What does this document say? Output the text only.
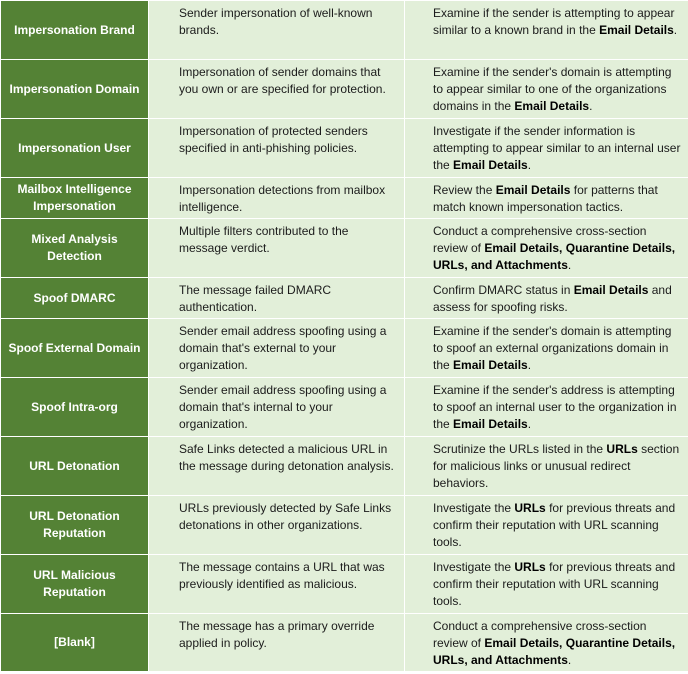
Impersonation Brand	Sender impersonation of well-known brands.	Examine if the sender is attempting to appear similar to a known brand in the Email Details.
Impersonation Domain	Impersonation of sender domains that you own or are specified for protection.	Examine if the sender's domain is attempting to appear similar to one of the organizations domains in the Email Details.
Impersonation User	Impersonation of protected senders specified in anti-phishing policies.	Investigate if the sender information is attempting to appear similar to an internal user the Email Details.
Mailbox Intelligence Impersonation	Impersonation detections from mailbox intelligence.	Review the Email Details for patterns that match known impersonation tactics.
Mixed Analysis Detection	Multiple filters contributed to the message verdict.	Conduct a comprehensive cross-section review of Email Details, Quarantine Details, URLs, and Attachments.
Spoof DMARC	The message failed DMARC authentication.	Confirm DMARC status in Email Details and assess for spoofing risks.
Spoof External Domain	Sender email address spoofing using a domain that's external to your organization.	Examine if the sender's domain is attempting to spoof an external organizations domain in the Email Details.
Spoof Intra-org	Sender email address spoofing using a domain that's internal to your organization.	Examine if the sender's address is attempting to spoof an internal user to the organization in the Email Details.
URL Detonation	Safe Links detected a malicious URL in the message during detonation analysis.	Scrutinize the URLs listed in the URLs section for malicious links or unusual redirect behaviors.
URL Detonation Reputation	URLs previously detected by Safe Links detonations in other organizations.	Investigate the URLs for previous threats and confirm their reputation with URL scanning tools.
URL Malicious Reputation	The message contains a URL that was previously identified as malicious.	Investigate the URLs for previous threats and confirm their reputation with URL scanning tools.
[Blank]	The message has a primary override applied in policy.	Conduct a comprehensive cross-section review of Email Details, Quarantine Details, URLs, and Attachments.
